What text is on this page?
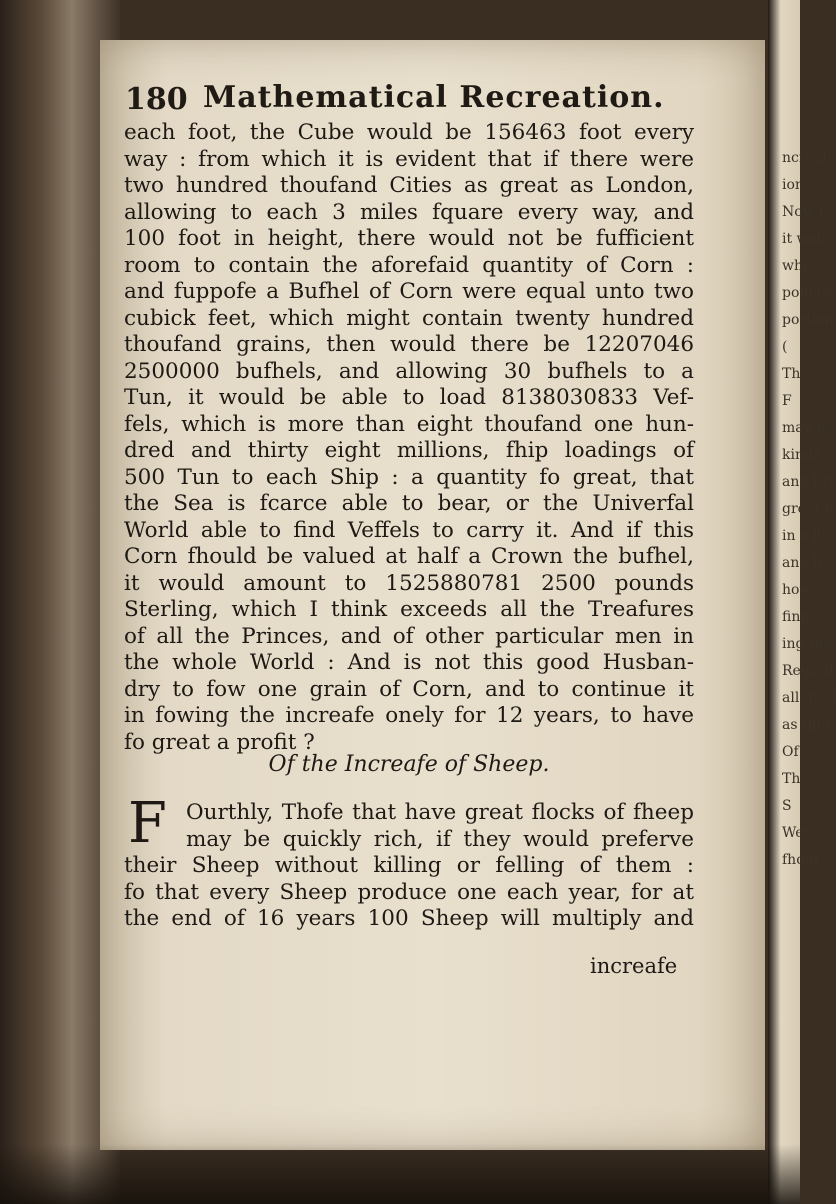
ncreal
ions,
Now l
it wou
which
pounds
portion
(
Th
F
may be
kinds
and bri
great p
in a lit
and R
how
fing th
ing the
Regard
allotted
as thei
Of
Th
S
Were
fhoul
180 Mathematical Recreation.
each foot, the Cube would be 156463 foot every
way : from which it is evident that if there were
two hundred thoufand Cities as great as London,
allowing to each 3 miles fquare every way, and
100 foot in height, there would not be fufficient
room to contain the aforefaid quantity of Corn :
and fuppofe a Bufhel of Corn were equal unto two
cubick feet, which might contain twenty hundred
thoufand grains, then would there be 12207046
2500000 bufhels, and allowing 30 bufhels to a
Tun, it would be able to load 8138030833 Vef-
fels, which is more than eight thoufand one hun-
dred and thirty eight millions, fhip loadings of
500 Tun to each Ship : a quantity fo great, that
the Sea is fcarce able to bear, or the Univerfal
World able to find Veffels to carry it. And if this
Corn fhould be valued at half a Crown the bufhel,
it would amount to 1525880781 2500 pounds
Sterling, which I think exceeds all the Treafures
of all the Princes, and of other particular men in
the whole World : And is not this good Husban-
dry to fow one grain of Corn, and to continue it
in fowing the increafe onely for 12 years, to have
fo great a profit ?
Of the Increafe of Sheep.
F Ourthly, Thofe that have great flocks of fheep
may be quickly rich, if they would preferve
their Sheep without killing or felling of them :
fo that every Sheep produce one each year, for at
the end of 16 years 100 Sheep will multiply and
increafe
